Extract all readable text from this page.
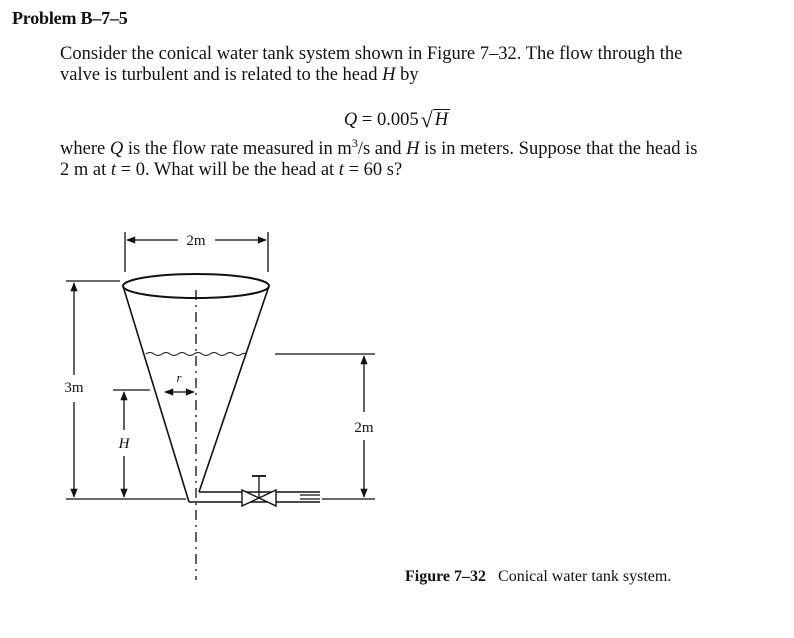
Problem B–7–5
Consider the conical water tank system shown in Figure 7–32. The flow through the
valve is turbulent and is related to the head H by
Q = 0.005√ H
where Q is the flow rate measured in $m^3/s$ and H is in meters. Suppose that the head is
2 m at t = 0. What will be the head at t = 60 s?
2m
3m
2m
H
r
Figure 7–32 Conical water tank system.
